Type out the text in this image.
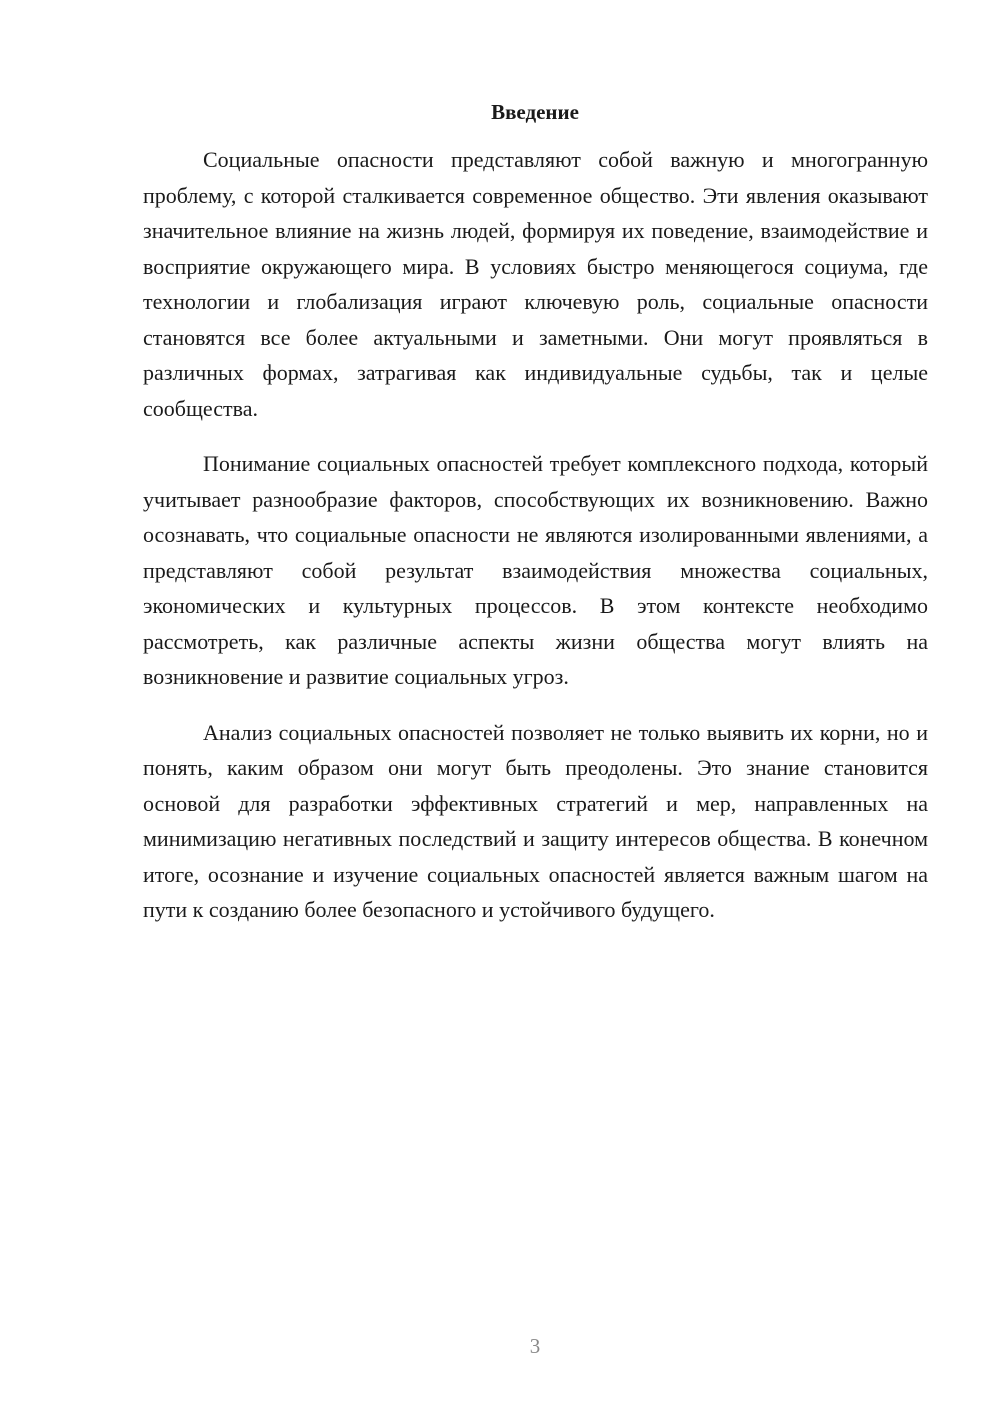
Введение

Социальные опасности представляют собой важную и многогранную проблему, с которой сталкивается современное общество. Эти явления оказывают значительное влияние на жизнь людей, формируя их поведение, взаимодействие и восприятие окружающего мира. В условиях быстро меняющегося социума, где технологии и глобализация играют ключевую роль, социальные опасности становятся все более актуальными и заметными. Они могут проявляться в различных формах, затрагивая как индивидуальные судьбы, так и целые сообщества.

Понимание социальных опасностей требует комплексного подхода, который учитывает разнообразие факторов, способствующих их возникновению. Важно осознавать, что социальные опасности не являются изолированными явлениями, а представляют собой результат взаимодействия множества социальных, экономических и культурных процессов. В этом контексте необходимо рассмотреть, как различные аспекты жизни общества могут влиять на возникновение и развитие социальных угроз.

Анализ социальных опасностей позволяет не только выявить их корни, но и понять, каким образом они могут быть преодолены. Это знание становится основой для разработки эффективных стратегий и мер, направленных на минимизацию негативных последствий и защиту интересов общества. В конечном итоге, осознание и изучение социальных опасностей является важным шагом на пути к созданию более безопасного и устойчивого будущего.

3
